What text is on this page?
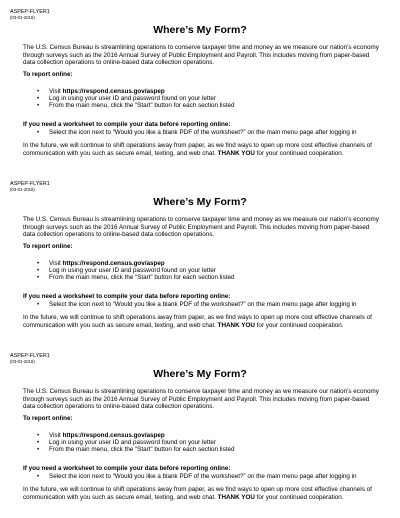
ASPEP-FLYER1
(03-01-2016)
Where’s My Form?

The U.S. Census Bureau is streamlining operations to conserve taxpayer time and money as we measure our nation’s economy through surveys such as the 2016 Annual Survey of Public Employment and Payroll. This includes moving from paper-based data collection operations to online-based data collection operations.

To report online:
• Visit https://respond.census.gov/aspep
• Log in using your user ID and password found on your letter
• From the main menu, click the “Start” button for each section listed
If you need a worksheet to compile your data before reporting online:
• Select the icon next to “Would you like a blank PDF of the worksheet?” on the main menu page after logging in

In the future, we will continue to shift operations away from paper, as we find ways to open up more cost effective channels of communication with you such as secure email, texting, and web chat. THANK YOU for your continued cooperation.

ASPEP-FLYER1
(03-01-2016)
Where’s My Form?

The U.S. Census Bureau is streamlining operations to conserve taxpayer time and money as we measure our nation’s economy through surveys such as the 2016 Annual Survey of Public Employment and Payroll. This includes moving from paper-based data collection operations to online-based data collection operations.

To report online:
• Visit https://respond.census.gov/aspep
• Log in using your user ID and password found on your letter
• From the main menu, click the “Start” button for each section listed
If you need a worksheet to compile your data before reporting online:
• Select the icon next to “Would you like a blank PDF of the worksheet?” on the main menu page after logging in

In the future, we will continue to shift operations away from paper, as we find ways to open up more cost effective channels of communication with you such as secure email, texting, and web chat. THANK YOU for your continued cooperation.

ASPEP-FLYER1
(03-01-2016)
Where’s My Form?

The U.S. Census Bureau is streamlining operations to conserve taxpayer time and money as we measure our nation’s economy through surveys such as the 2016 Annual Survey of Public Employment and Payroll. This includes moving from paper-based data collection operations to online-based data collection operations.

To report online:
• Visit https://respond.census.gov/aspep
• Log in using your user ID and password found on your letter
• From the main menu, click the “Start” button for each section listed
If you need a worksheet to compile your data before reporting online:
• Select the icon next to “Would you like a blank PDF of the worksheet?” on the main menu page after logging in

In the future, we will continue to shift operations away from paper, as we find ways to open up more cost effective channels of communication with you such as secure email, texting, and web chat. THANK YOU for your continued cooperation.
